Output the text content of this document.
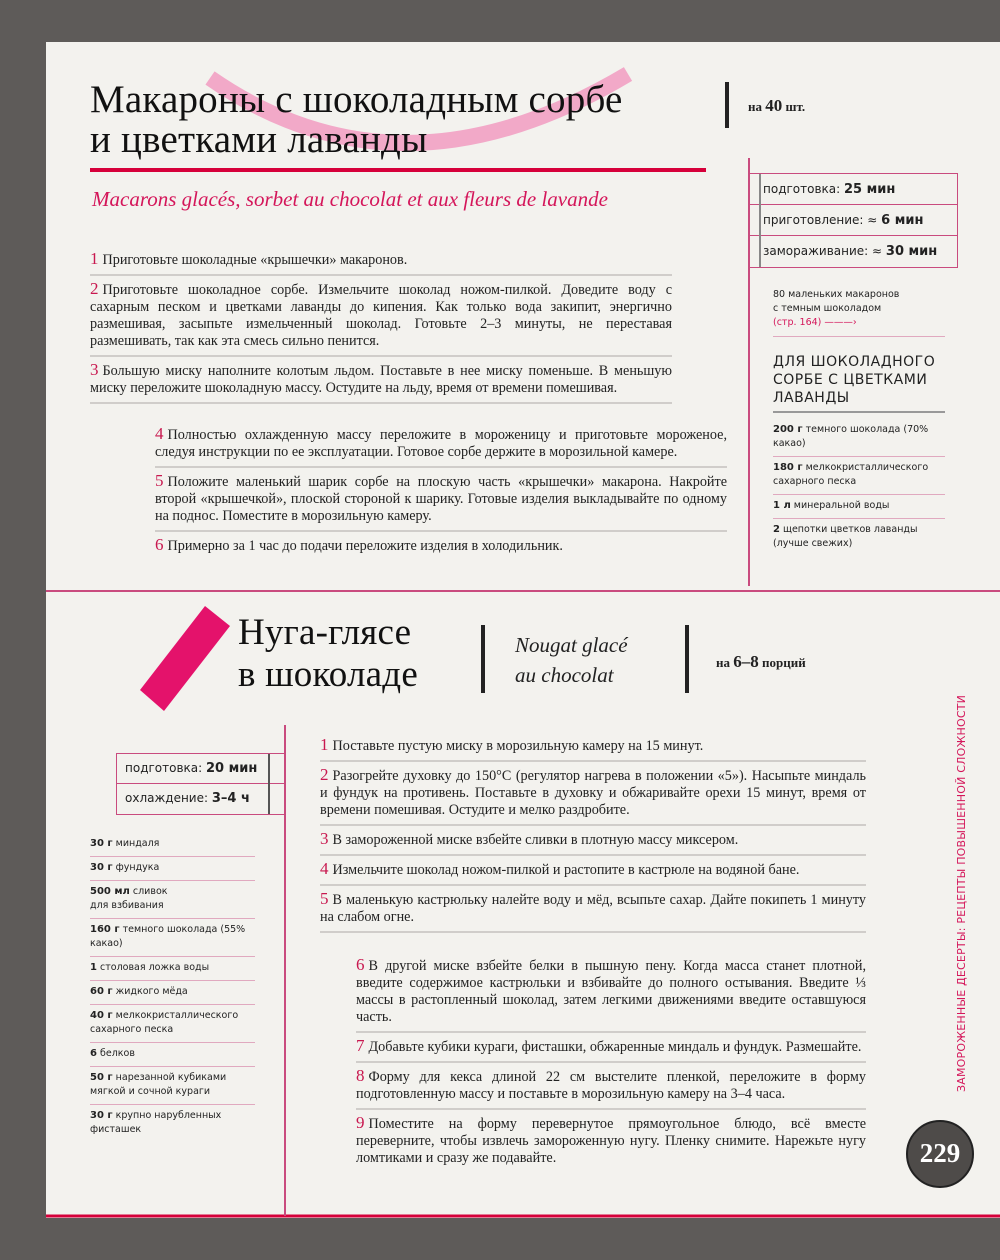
Макароны с шоколадным сорбе
и цветками лаванды
на 40 шт.
Macarons glacés, sorbet au chocolat et aux fleurs de lavande	подготовка: 25 мин
приготовление: ≈ 6 мин
замораживание: ≈ 30 мин
80 маленьких макаронов
с темным шоколадом
(стр. 164) ———›
ДЛЯ ШОКОЛАДНОГО СОРБЕ С ЦВЕТКАМИ ЛАВАНДЫ
200 г темного шоколада (70% какао)
180 г мелкокристаллического сахарного песка
1 л минеральной воды
2 щепотки цветков лаванды (лучше свежих)
1 Приготовьте шоколадные «крышечки» макаронов.
2 Приготовьте шоколадное сорбе. Измельчите шоколад ножом-пилкой. Доведите воду с сахарным песком и цветками лаванды до кипения. Как только вода закипит, энергично размешивая, засыпьте измельченный шоколад. Готовьте 2–3 минуты, не переставая размешивать, так как эта смесь сильно пенится.
3 Большую миску наполните колотым льдом. Поставьте в нее миску поменьше. В меньшую миску переложите шоколадную массу. Остудите на льду, время от времени помешивая.
4 Полностью охлажденную массу переложите в мороженицу и приготовьте мороженое, следуя инструкции по ее эксплуатации. Готовое сорбе держите в морозильной камере.
5 Положите маленький шарик сорбе на плоскую часть «крышечки» макарона. Накройте второй «крышечкой», плоской стороной к шарику. Готовые изделия выкладывайте по одному на поднос. Поместите в морозильную камеру.
6 Примерно за 1 час до подачи переложите изделия в холодильник.
Нуга-глясе
в шоколаде
Nougat glacé
au chocolat
на 6–8 порций
подготовка: 20 мин
охлаждение: 3–4 ч
30 г миндаля
30 г фундука
500 мл сливок для взбивания
160 г темного шоколада (55% какао)
1 столовая ложка воды
60 г жидкого мёда
40 г мелкокристаллического сахарного песка
6 белков
50 г нарезанной кубиками мягкой и сочной кураги
30 г крупно нарубленных фисташек
1 Поставьте пустую миску в морозильную камеру на 15 минут.
2 Разогрейте духовку до 150°C (регулятор нагрева в положении «5»). Насыпьте миндаль и фундук на противень. Поставьте в духовку и обжаривайте орехи 15 минут, время от времени помешивая. Остудите и мелко раздробите.
3 В замороженной миске взбейте сливки в плотную массу миксером.
4 Измельчите шоколад ножом-пилкой и растопите в кастрюле на водяной бане.
5 В маленькую кастрюльку налейте воду и мёд, всыпьте сахар. Дайте покипеть 1 минуту на слабом огне.
6 В другой миске взбейте белки в пышную пену. Когда масса станет плотной, введите содержимое кастрюльки и взбивайте до полного остывания. Введите ⅓ массы в растопленный шоколад, затем легкими движениями введите оставшуюся часть.
7 Добавьте кубики кураги, фисташки, обжаренные миндаль и фундук. Размешайте.
8 Форму для кекса длиной 22 см выстелите пленкой, переложите в форму подготовленную массу и поставьте в морозильную камеру на 3–4 часа.
9 Поместите на форму перевернутое прямоугольное блюдо, всё вместе переверните, чтобы извлечь замороженную нугу. Пленку снимите. Нарежьте нугу ломтиками и сразу же подавайте.
ЗАМОРОЖЕННЫЕ ДЕСЕРТЫ: РЕЦЕПТЫ ПОВЫШЕННОЙ СЛОЖНОСТИ
229
